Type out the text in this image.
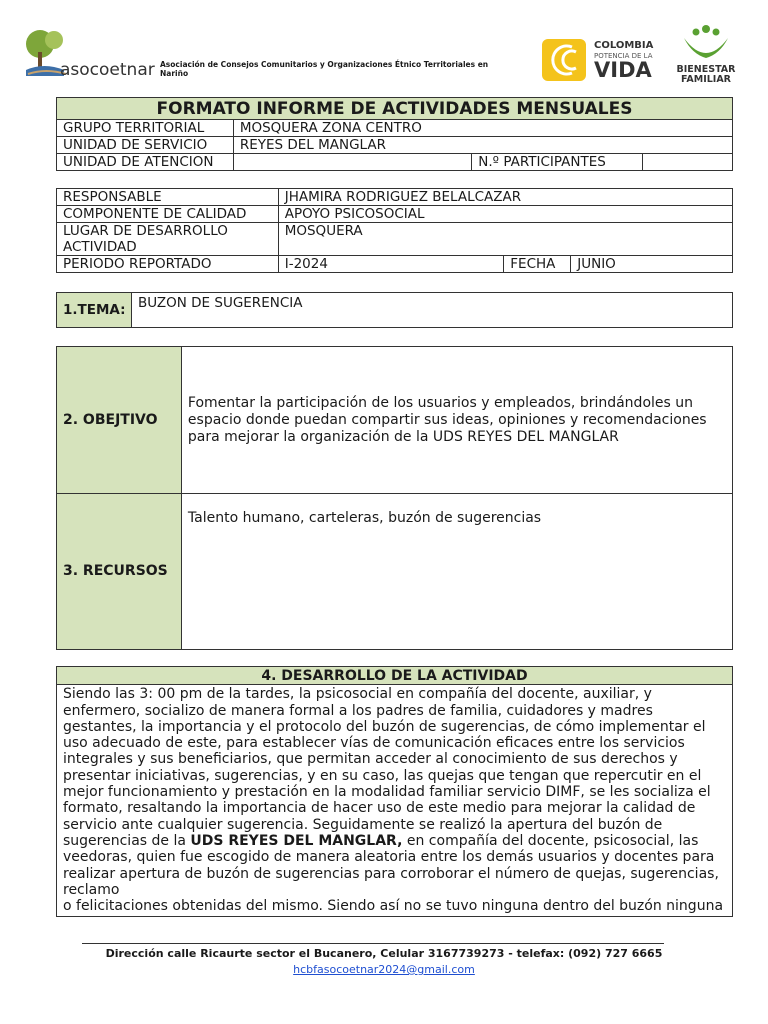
asocoetnar Asociación de Consejos Comunitarios y Organizaciones Étnico Territoriales en Nariño
COLOMBIA
POTENCIA DE LA
VIDA	BIENESTAR
FAMILIAR
FORMATO INFORME DE ACTIVIDADES MENSUALES			
GRUPO TERRITORIAL	MOSQUERA ZONA CENTRO		
UNIDAD DE SERVICIO	REYES DEL MANGLAR		
UNIDAD DE ATENCION		N.º PARTICIPANTES	
RESPONSABLE	JHAMIRA RODRIGUEZ BELALCAZAR		
COMPONENTE DE CALIDAD	APOYO PSICOSOCIAL		
LUGAR DE DESARROLLO ACTIVIDAD	MOSQUERA		
PERIODO REPORTADO	I-2024	FECHA	JUNIO
1.TEMA:	BUZON DE SUGERENCIA
2. OBEJTIVO	Fomentar la participación de los usuarios y empleados, brindándoles un espacio donde puedan compartir sus ideas, opiniones y recomendaciones para mejorar la organización de la UDS REYES DEL MANGLAR
3. RECURSOS	Talento humano, carteleras, buzón de sugerencias
4. DESARROLLO DE LA ACTIVIDAD
Siendo las 3: 00 pm de la tardes, la psicosocial en compañía del docente, auxiliar, y enfermero, socializo de manera formal a los padres de familia, cuidadores y madres gestantes, la importancia y el protocolo del buzón de sugerencias, de cómo implementar el uso adecuado de este, para establecer vías de comunicación eficaces entre los servicios integrales y sus beneficiarios, que permitan acceder al conocimiento de sus derechos y presentar iniciativas, sugerencias, y en su caso, las quejas que tengan que repercutir en el mejor funcionamiento y prestación en la modalidad familiar servicio DIMF, se les socializa el formato, resaltando la importancia de hacer uso de este medio para mejorar la calidad de servicio ante cualquier sugerencia. Seguidamente se realizó la apertura del buzón de sugerencias de la UDS REYES DEL MANGLAR, en compañía del docente, psicosocial, las veedoras, quien fue escogido de manera aleatoria entre los demás usuarios y docentes para realizar apertura de buzón de sugerencias para corroborar el número de quejas, sugerencias, reclamo
o felicitaciones obtenidas del mismo. Siendo así no se tuvo ninguna dentro del buzón ninguna
Dirección calle Ricaurte sector el Bucanero, Celular 3167739273 - telefax: (092) 727 6665
hcbfasocoetnar2024@gmail.com
